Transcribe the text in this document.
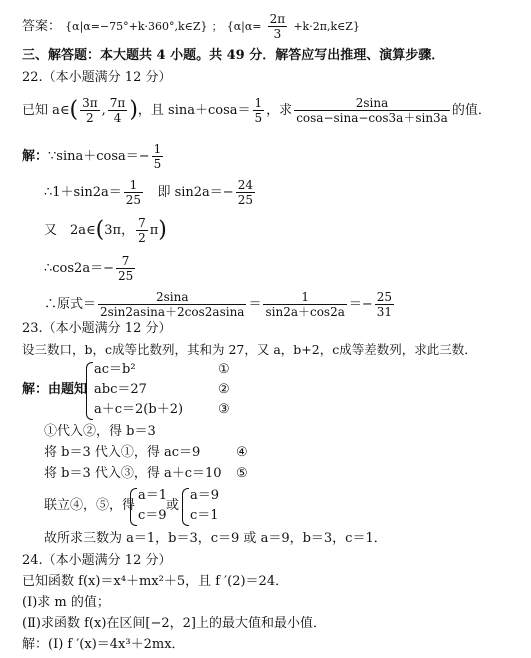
答案： {α|α=−75°+k·360°,k∈Z} ； {$\alpha|\alpha= \frac{2\pi}{3}$ +k·2π,k∈Z}
三、解答题：本大题共 4 小题。共 49 分．解答应写出推理、演算步骤．
22.（本小题满分 12 分）
已知 a∈( $\frac{3\pi}{2}$ , $\frac{7\pi}{4}$ )，且 $\sin a+\cos a= \frac{1}{5}$ ，求 $\frac{2\sin a}{\cos a-\sin a-\cos 3a+\sin 3a}$ 的值．
解：∵sina＋cosa＝− $\frac{1}{5}$
∴1＋sin2a＝ $\frac{1}{25}$ 即 $\sin 2a=- \frac{24}{25}$
又　2a∈(3π， $\frac{7}{2} \pi$)
∴cos2a＝− $\frac{7}{25}$
∴原式＝ $\frac{2\sin a}{2\sin 2asina+2\cos 2asina} = \frac{1}{\sin 2a+\cos 2a} =- \frac{25}{31}$
23.（本小题满分 12 分）
设三数口，b，c成等比数列，其和为 27，又 a，b+2，c成等差数列，求此三数．
解：由题知
ac＝b²	①
abc＝27	②
a＋c＝2(b＋2)	③
①代入②，得 b＝3
将 b＝3 代入①，得 ac＝9	④
将 b＝3 代入③，得 a＋c＝10 ⑤
联立④，⑤，得
a＝1
c＝9
或
a＝9
c＝1
故所求三数为 a＝1，b＝3，c＝9 或 a＝9，b＝3，c＝1．
24.（本小题满分 12 分）
已知函数 f(x)＝x⁴＋mx²＋5，且 f ′(2)＝24．
(Ⅰ)求 m 的值；
(Ⅱ)求函数 f(x)在区间[−2，2]上的最大值和最小值．
解：(Ⅰ) f ′(x)＝4x³＋2mx．
